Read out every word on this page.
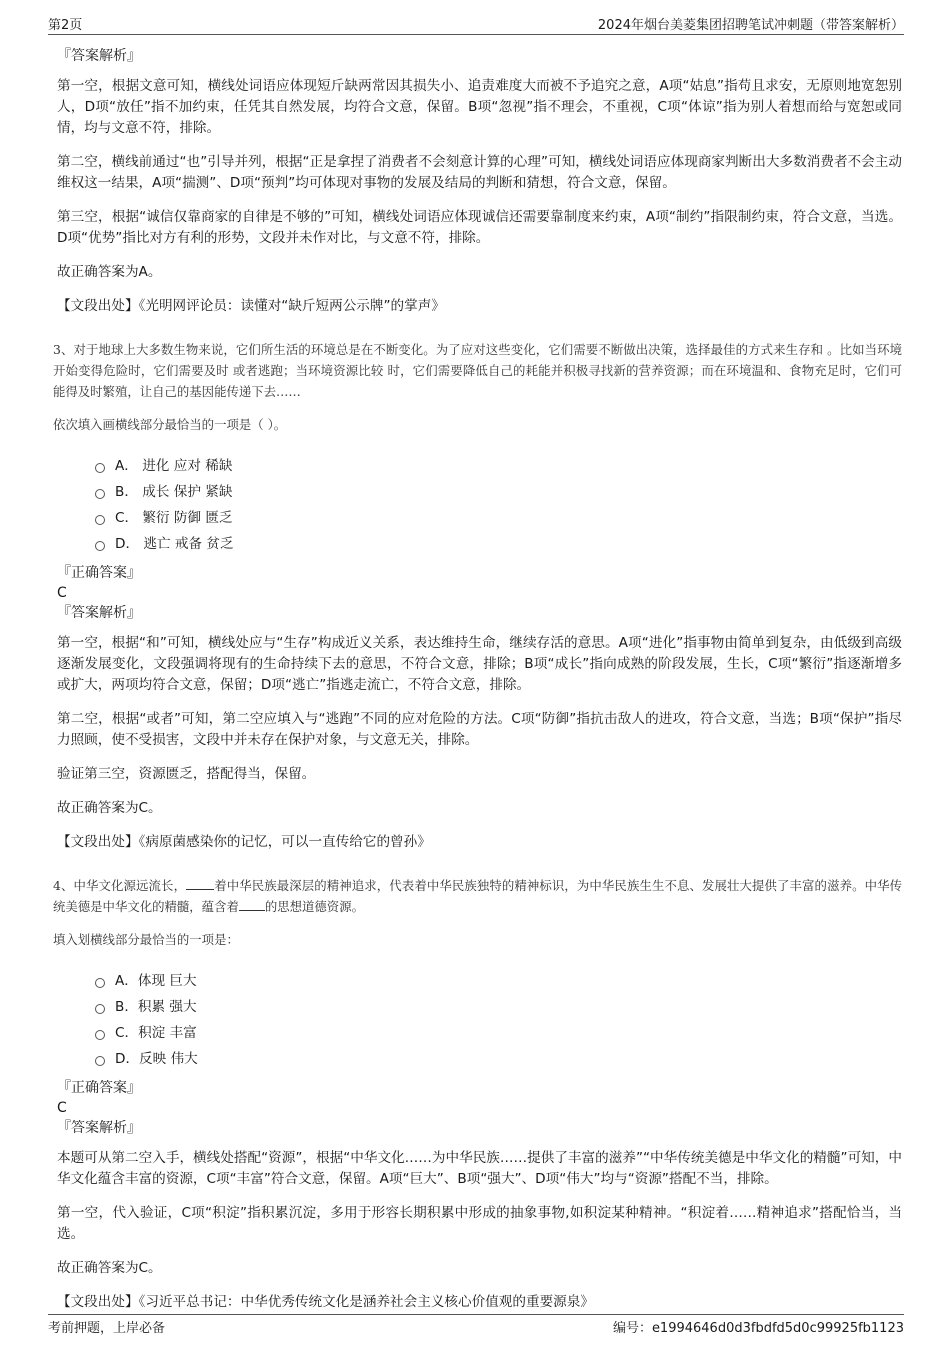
第2页	2024年烟台美菱集团招聘笔试冲刺题（带答案解析）
『答案解析』

第一空，根据文意可知，横线处词语应体现短斤缺两常因其损失小、追责难度大而被不予追究之意，A项“姑息”指苟且求安，无原则地宽恕别人，D项“放任”指不加约束，任凭其自然发展，均符合文意，保留。B项“忽视”指不理会，不重视，C项“体谅”指为别人着想而给与宽恕或同情，均与文意不符，排除。

第二空，横线前通过“也”引导并列，根据“正是拿捏了消费者不会刻意计算的心理”可知，横线处词语应体现商家判断出大多数消费者不会主动维权这一结果，A项“揣测”、D项“预判”均可体现对事物的发展及结局的判断和猜想，符合文意，保留。

第三空，根据“诚信仅靠商家的自律是不够的”可知，横线处词语应体现诚信还需要靠制度来约束，A项“制约”指限制约束，符合文意，当选。D项“优势”指比对方有利的形势，文段并未作对比，与文意不符，排除。

故正确答案为A。

【文段出处】《光明网评论员：读懂对“缺斤短两公示牌”的掌声》

3、对于地球上大多数生物来说，它们所生活的环境总是在不断变化。为了应对这些变化，它们需要不断做出决策，选择最佳的方式来生存和 。比如当环境开始变得危险时，它们需要及时 或者逃跑；当环境资源比较 时，它们需要降低自己的耗能并积极寻找新的营养资源；而在环境温和、食物充足时，它们可能得及时繁殖，让自己的基因能传递下去……

依次填入画横线部分最恰当的一项是（ ）。

A． 进化 应对 稀缺
B． 成长 保护 紧缺
C． 繁衍 防御 匮乏
D． 逃亡 戒备 贫乏
『正确答案』
C
『答案解析』

第一空，根据“和”可知，横线处应与“生存”构成近义关系，表达维持生命，继续存活的意思。A项“进化”指事物由简单到复杂，由低级到高级逐渐发展变化，文段强调将现有的生命持续下去的意思，不符合文意，排除；B项“成长”指向成熟的阶段发展，生长，C项“繁衍”指逐渐增多或扩大，两项均符合文意，保留；D项“逃亡”指逃走流亡，不符合文意，排除。

第二空，根据“或者”可知，第二空应填入与“逃跑”不同的应对危险的方法。C项“防御”指抗击敌人的进攻，符合文意，当选；B项“保护”指尽力照顾，使不受损害，文段中并未存在保护对象，与文意无关，排除。

验证第三空，资源匮乏，搭配得当，保留。

故正确答案为C。

【文段出处】《病原菌感染你的记忆，可以一直传给它的曾孙》

4、中华文化源远流长， 着中华民族最深层的精神追求，代表着中华民族独特的精神标识，为中华民族生生不息、发展壮大提供了丰富的滋养。中华传统美德是中华文化的精髓，蕴含着 的思想道德资源。

填入划横线部分最恰当的一项是：

A．体现 巨大
B．积累 强大
C．积淀 丰富
D．反映 伟大
『正确答案』
C
『答案解析』

本题可从第二空入手，横线处搭配“资源”，根据“中华文化……为中华民族……提供了丰富的滋养”“中华传统美德是中华文化的精髓”可知，中华文化蕴含丰富的资源，C项“丰富”符合文意，保留。A项“巨大”、B项“强大”、D项“伟大”均与“资源”搭配不当，排除。

第一空，代入验证，C项“积淀”指积累沉淀，多用于形容长期积累中形成的抽象事物,如积淀某种精神。“积淀着……精神追求”搭配恰当，当选。

故正确答案为C。

【文段出处】《习近平总书记：中华优秀传统文化是涵养社会主义核心价值观的重要源泉》

考前押题，上岸必备	编号：e1994646d0d3fbdfd5d0c99925fb1123
